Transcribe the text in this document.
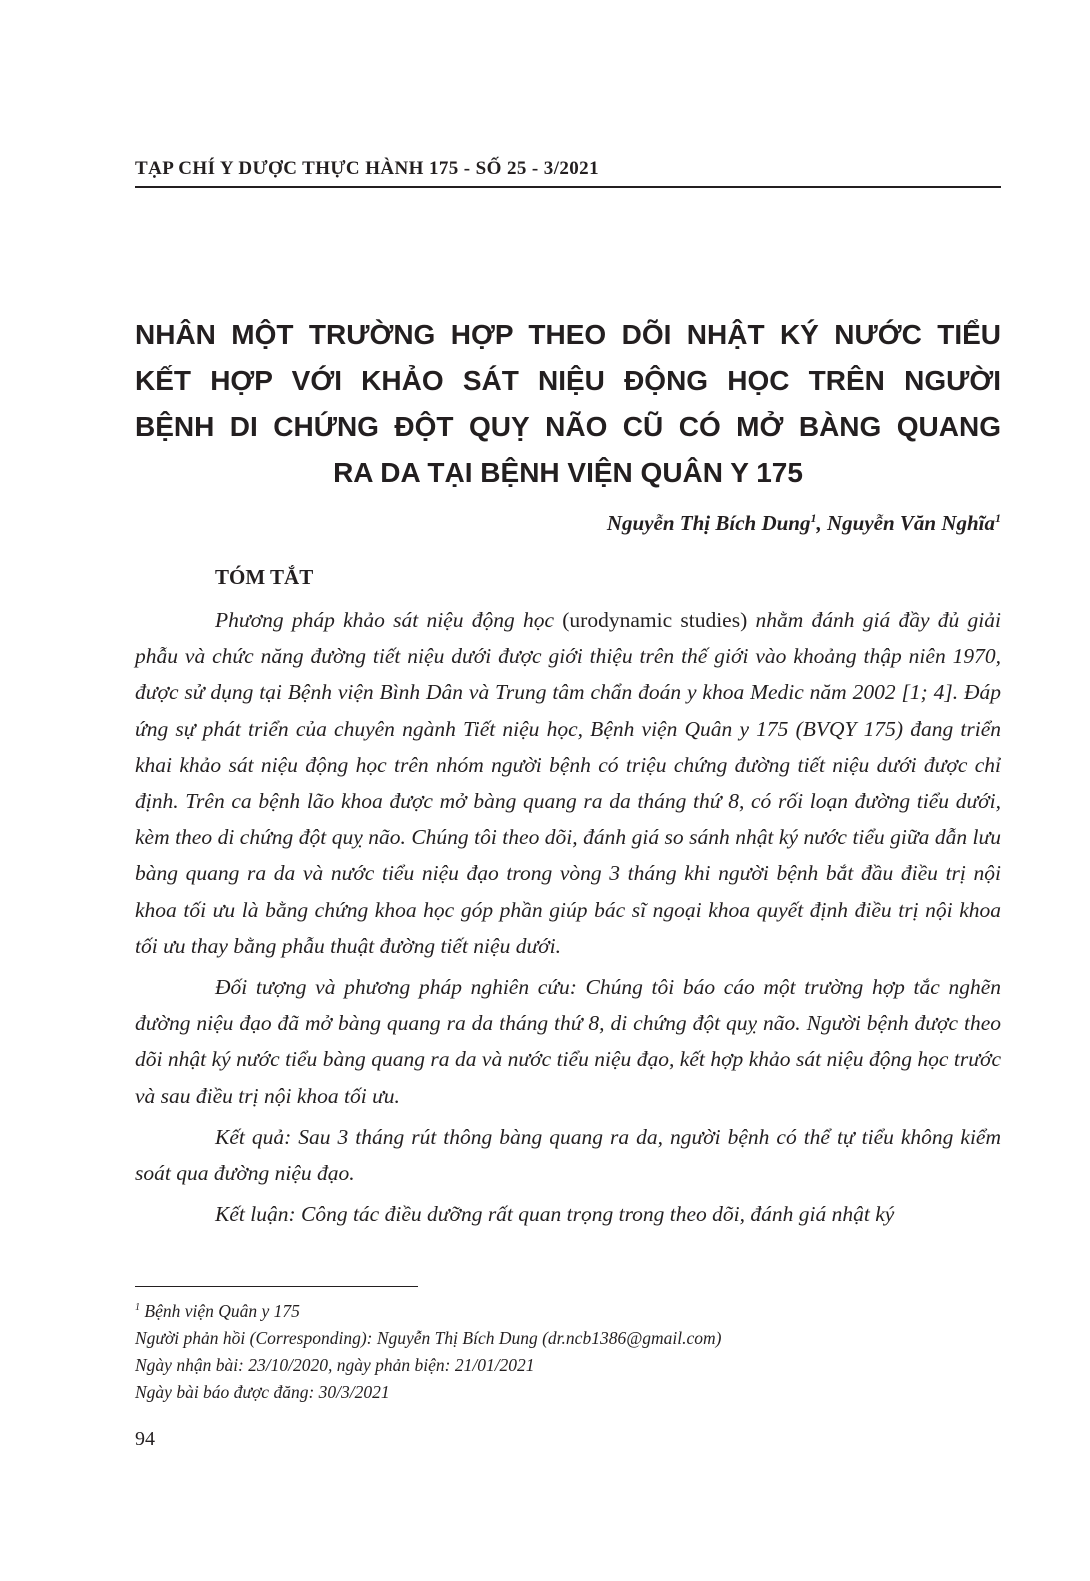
TẠP CHÍ Y DƯỢC THỰC HÀNH 175 - SỐ 25 - 3/2021
NHÂN MỘT TRƯỜNG HỢP THEO DÕI NHẬT KÝ NƯỚC TIỂU
KẾT HỢP VỚI KHẢO SÁT NIỆU ĐỘNG HỌC TRÊN NGƯỜI
BỆNH DI CHỨNG ĐỘT QUỴ NÃO CŨ CÓ MỞ BÀNG QUANG
RA DA TẠI BỆNH VIỆN QUÂN Y 175
Nguyễn Thị Bích Dung$^1$, Nguyễn Văn Nghĩa$^1$
TÓM TẮT

Phương pháp khảo sát niệu động học (urodynamic studies) nhằm đánh giá đầy đủ giải phẫu và chức năng đường tiết niệu dưới được giới thiệu trên thế giới vào khoảng thập niên 1970, được sử dụng tại Bệnh viện Bình Dân và Trung tâm chẩn đoán y khoa Medic năm 2002 [1; 4]. Đáp ứng sự phát triển của chuyên ngành Tiết niệu học, Bệnh viện Quân y 175 (BVQY 175) đang triển khai khảo sát niệu động học trên nhóm người bệnh có triệu chứng đường tiết niệu dưới được chỉ định. Trên ca bệnh lão khoa được mở bàng quang ra da tháng thứ 8, có rối loạn đường tiểu dưới, kèm theo di chứng đột quỵ não. Chúng tôi theo dõi, đánh giá so sánh nhật ký nước tiểu giữa dẫn lưu bàng quang ra da và nước tiểu niệu đạo trong vòng 3 tháng khi người bệnh bắt đầu điều trị nội khoa tối ưu là bằng chứng khoa học góp phần giúp bác sĩ ngoại khoa quyết định điều trị nội khoa tối ưu thay bằng phẫu thuật đường tiết niệu dưới.

Đối tượng và phương pháp nghiên cứu: Chúng tôi báo cáo một trường hợp tắc nghẽn đường niệu đạo đã mở bàng quang ra da tháng thứ 8, di chứng đột quỵ não. Người bệnh được theo dõi nhật ký nước tiểu bàng quang ra da và nước tiểu niệu đạo, kết hợp khảo sát niệu động học trước và sau điều trị nội khoa tối ưu.

Kết quả: Sau 3 tháng rút thông bàng quang ra da, người bệnh có thể tự tiểu không kiểm soát qua đường niệu đạo.

Kết luận: Công tác điều dưỡng rất quan trọng trong theo dõi, đánh giá nhật ký

$^1$ Bệnh viện Quân y 175
Người phản hồi (Corresponding): Nguyễn Thị Bích Dung (dr.ncb1386@gmail.com)
Ngày nhận bài: 23/10/2020, ngày phản biện: 21/01/2021
Ngày bài báo được đăng: 30/3/2021
94
